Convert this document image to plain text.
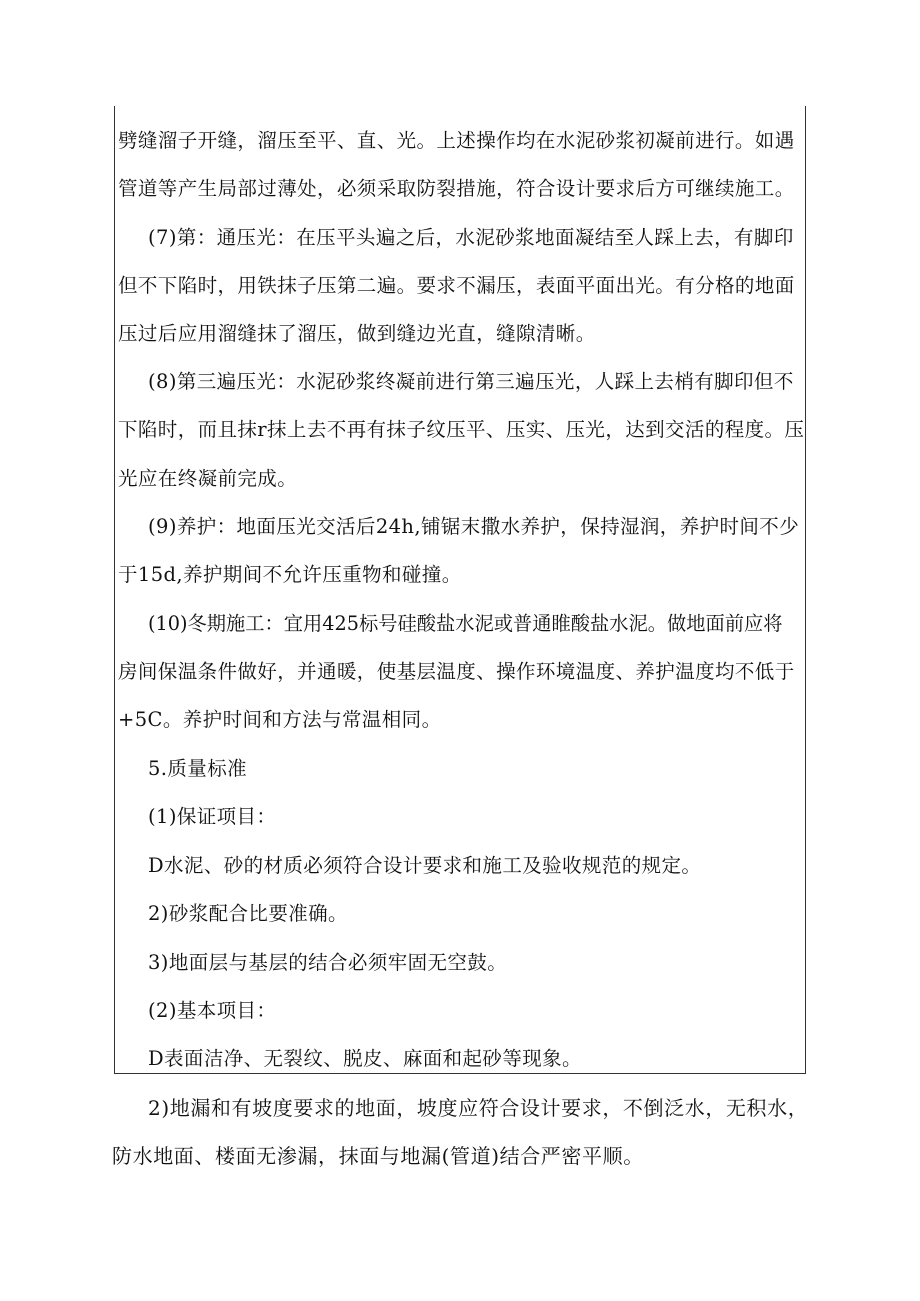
劈缝溜子开缝，溜压至平、直、光。上述操作均在水泥砂浆初凝前进行。如遇
管道等产生局部过薄处，必须采取防裂措施，符合设计要求后方可继续施工。
(7)第：通压光：在压平头遍之后，水泥砂浆地面凝结至人踩上去，有脚印
但不下陷时，用铁抹子压第二遍。要求不漏压，表面平面出光。有分格的地面
压过后应用溜缝抹了溜压，做到缝边光直，缝隙清晰。
(8)第三遍压光：水泥砂浆终凝前进行第三遍压光，人踩上去梢有脚印但不
下陷时，而且抹r抹上去不再有抹子纹压平、压实、压光，达到交活的程度。压
光应在终凝前完成。
(9)养护：地面压光交活后24h,铺锯末撒水养护，保持湿润，养护时间不少
于15d,养护期间不允许压重物和碰撞。
(10)冬期施工：宜用425标号硅酸盐水泥或普通睢酸盐水泥。做地面前应将
房间保温条件做好，并通暖，使基层温度、操作环境温度、养护温度均不低于
+5C。养护时间和方法与常温相同。
5.质量标准
(1)保证项目：
D水泥、砂的材质必须符合设计要求和施工及验收规范的规定。
2)砂浆配合比要准确。
3)地面层与基层的结合必须牢固无空鼓。
(2)基本项目：
D表面洁净、无裂纹、脱皮、麻面和起砂等现象。
2)地漏和有坡度要求的地面，坡度应符合设计要求，不倒泛水，无积水，
防水地面、楼面无渗漏，抹面与地漏(管道)结合严密平顺。
